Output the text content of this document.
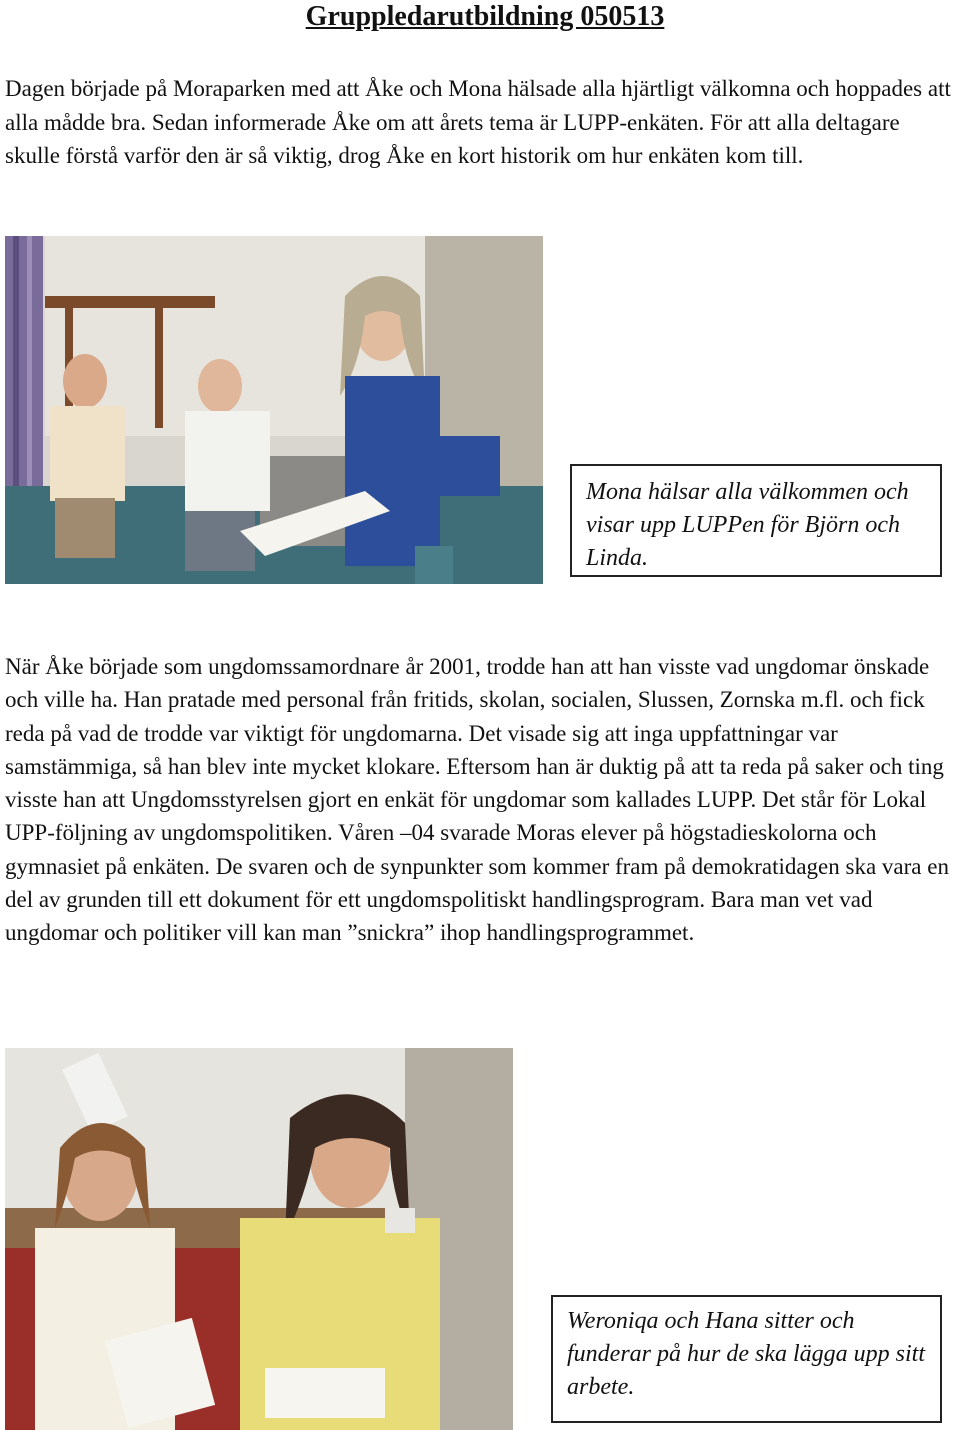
Gruppledarutbildning 050513

Dagen började på Moraparken med att Åke och Mona hälsade alla hjärtligt välkomna och hoppades att alla mådde bra. Sedan informerade Åke om att årets tema är LUPP-enkäten. För att alla deltagare skulle förstå varför den är så viktig, drog Åke en kort historik om hur enkäten kom till.

Mona hälsar alla välkommen och visar upp LUPPen för Björn och Linda.

När Åke började som ungdomssamordnare år 2001, trodde han att han visste vad ungdomar önskade och ville ha. Han pratade med personal från fritids, skolan, socialen, Slussen, Zornska m.fl. och fick reda på vad de trodde var viktigt för ungdomarna. Det visade sig att inga uppfattningar var samstämmiga, så han blev inte mycket klokare. Eftersom han är duktig på att ta reda på saker och ting visste han att Ungdomsstyrelsen gjort en enkät för ungdomar som kallades LUPP. Det står för Lokal UPP-följning av ungdomspolitiken. Våren –04 svarade Moras elever på högstadieskolorna och gymnasiet på enkäten. De svaren och de synpunkter som kommer fram på demokratidagen ska vara en del av grunden till ett dokument för ett ungdomspolitiskt handlingsprogram. Bara man vet vad ungdomar och politiker vill kan man ”snickra” ihop handlingsprogrammet.

Weroniqa och Hana sitter och funderar på hur de ska lägga upp sitt arbete.
